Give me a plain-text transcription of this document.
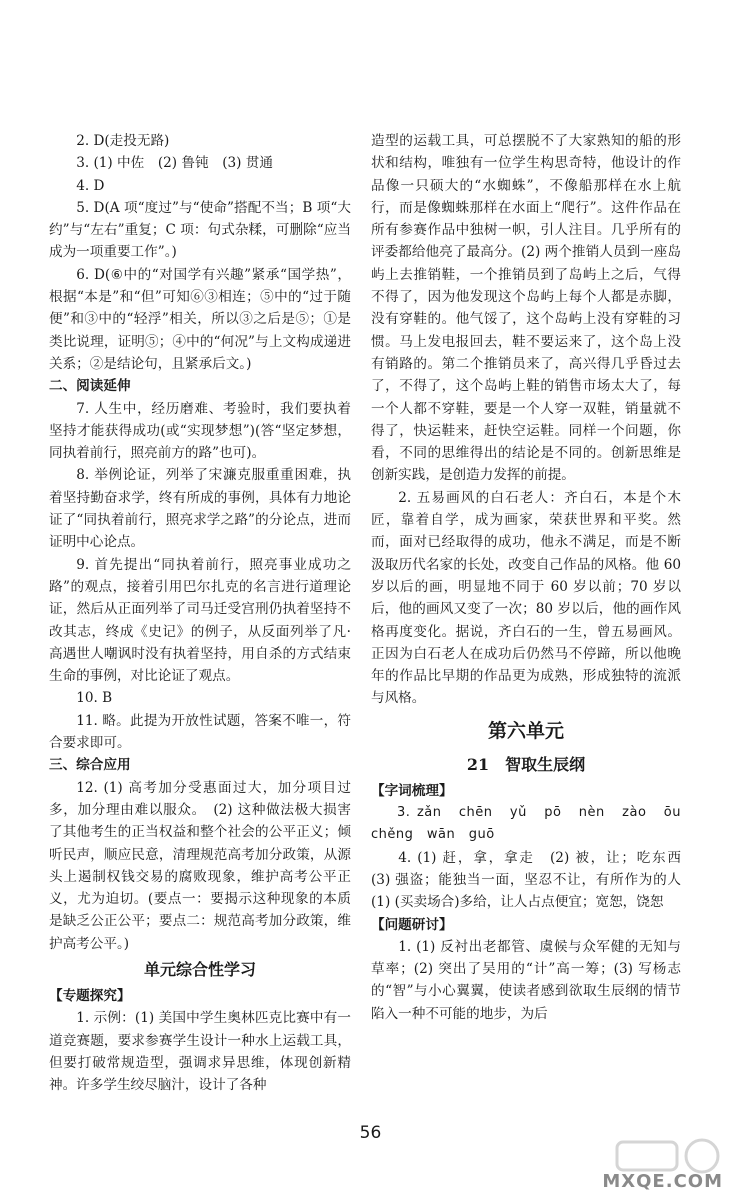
2. D(走投无路)

3. (1) 中佐　(2) 鲁钝　(3) 贯通

4. D

5. D(A 项“度过”与“使命”搭配不当；B 项“大约”与“左右”重复；C 项：句式杂糅，可删除“应当成为一项重要工作”。)

6. D(⑥中的“对国学有兴趣”紧承“国学热”，根据“本是”和“但”可知⑥③相连；⑤中的“过于随便”和③中的“轻浮”相关，所以③之后是⑤；①是类比说理，证明⑤；④中的“何况”与上文构成递进关系；②是结论句，且紧承后文。)

二、阅读延伸

7. 人生中，经历磨难、考验时，我们要执着坚持才能获得成功(或“实现梦想”)(答“坚定梦想，同执着前行，照亮前方的路”也可)。

8. 举例论证，列举了宋濂克服重重困难，执着坚持勤奋求学，终有所成的事例，具体有力地论证了“同执着前行，照亮求学之路”的分论点，进而证明中心论点。

9. 首先提出“同执着前行，照亮事业成功之路”的观点，接着引用巴尔扎克的名言进行道理论证，然后从正面列举了司马迁受宫刑仍执着坚持不改其志，终成《史记》的例子，从反面列举了凡·高遇世人嘲讽时没有执着坚持，用自杀的方式结束生命的事例，对比论证了观点。

10. B

11. 略。此提为开放性试题，答案不唯一，符合要求即可。

三、综合应用

12. (1) 高考加分受惠面过大，加分项目过多，加分理由难以服众。　(2) 这种做法极大损害了其他考生的正当权益和整个社会的公平正义；倾听民声，顺应民意，清理规范高考加分政策，从源头上遏制权钱交易的腐败现象，维护高考公平正义，尤为迫切。(要点一：要揭示这种现象的本质是缺乏公正公平；要点二：规范高考加分政策，维护高考公平。)

单元综合性学习

【专题探究】

1. 示例：(1) 美国中学生奥林匹克比赛中有一道竞赛题，要求参赛学生设计一种水上运载工具，但要打破常规造型，强调求异思维，体现创新精神。许多学生绞尽脑汁，设计了各种

造型的运载工具，可总摆脱不了大家熟知的船的形状和结构，唯独有一位学生构思奇特，他设计的作品像一只硕大的“水蜘蛛”，不像船那样在水上航行，而是像蜘蛛那样在水面上“爬行”。这件作品在所有参赛作品中独树一帜，引人注目。几乎所有的评委都给他亮了最高分。(2) 两个推销人员到一座岛屿上去推销鞋，一个推销员到了岛屿上之后，气得不得了，因为他发现这个岛屿上每个人都是赤脚，没有穿鞋的。他气馁了，这个岛屿上没有穿鞋的习惯。马上发电报回去，鞋不要运来了，这个岛上没有销路的。第二个推销员来了，高兴得几乎昏过去了，不得了，这个岛屿上鞋的销售市场太大了，每一个人都不穿鞋，要是一个人穿一双鞋，销量就不得了，快运鞋来，赶快空运鞋。同样一个问题，你看，不同的思维得出的结论是不同的。创新思维是创新实践，是创造力发挥的前提。

2. 五易画风的白石老人：齐白石，本是个木匠，靠着自学，成为画家，荣获世界和平奖。然而，面对已经取得的成功，他永不满足，而是不断汲取历代名家的长处，改变自己作品的风格。他 60 岁以后的画，明显地不同于 60 岁以前；70 岁以后，他的画风又变了一次；80 岁以后，他的画作风格再度变化。据说，齐白石的一生，曾五易画风。正因为白石老人在成功后仍然马不停蹄，所以他晚年的作品比早期的作品更为成熟，形成独特的流派与风格。

第六单元

21　智取生辰纲

【字词梳理】

3. zǎn　chēn　yǔ　pō　nèn　zào　ōu　chěng　wān　guō

4. (1) 赶，拿，拿走　(2) 被，让；吃东西　(3) 强盗；能独当一面，坚忍不让，有所作为的人　(1) (买卖场合)多给，让人占点便宜；宽恕，饶恕

【问题研讨】

1. (1) 反衬出老都管、虞候与众军健的无知与草率；(2) 突出了吴用的“计”高一筹；(3) 写杨志的“智”与小心翼翼，使读者感到欲取生辰纲的情节陷入一种不可能的地步，为后

56
MXQE.COM
